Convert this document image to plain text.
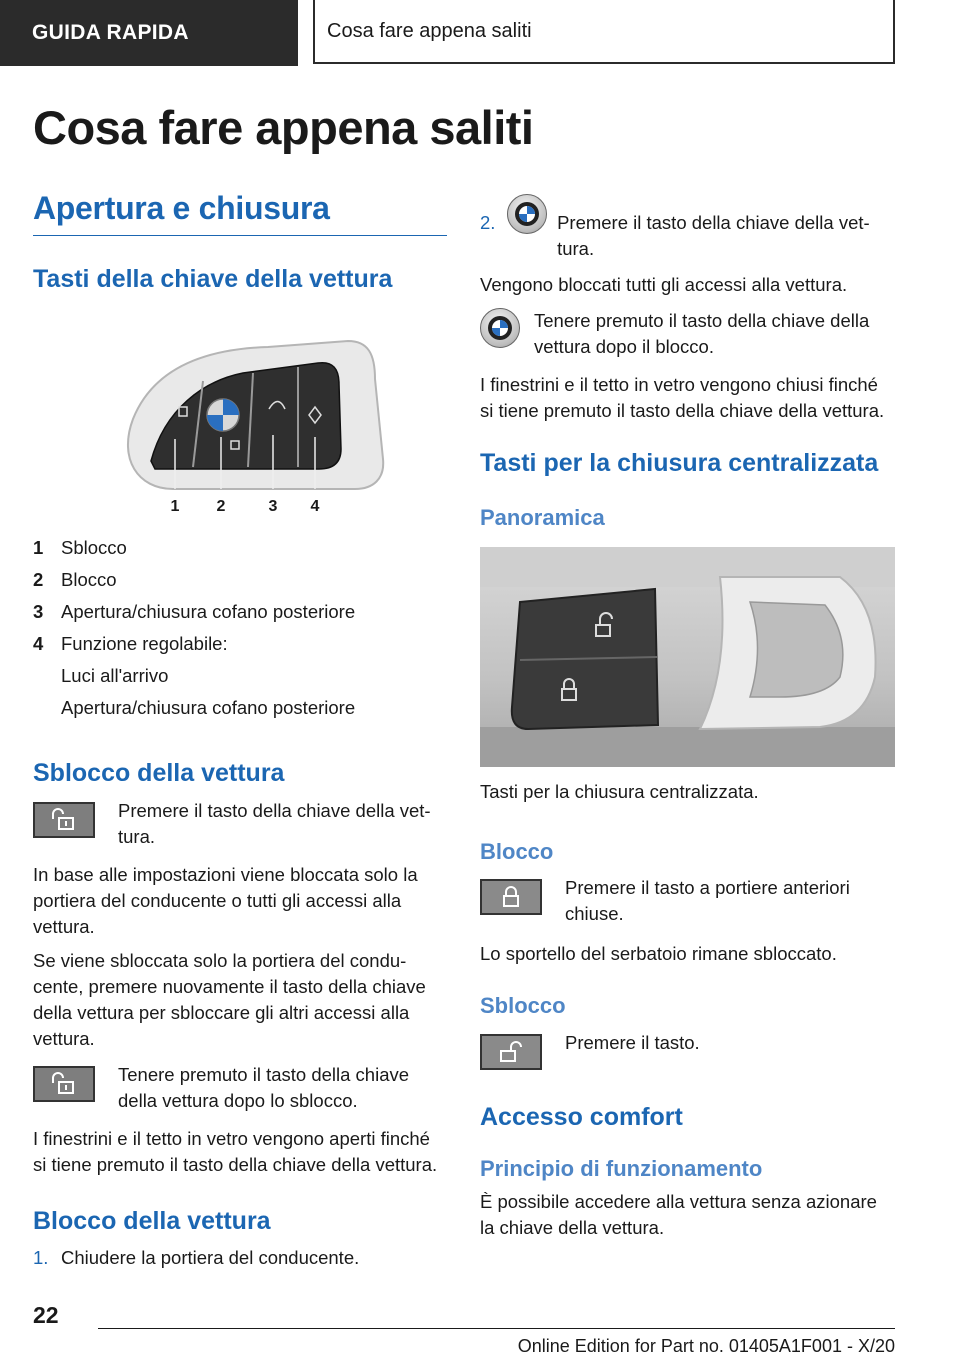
GUIDA RAPIDA	Cosa fare appena saliti
Cosa fare appena saliti
Apertura e chiusura
Tasti della chiave della vettura
1 2	3 4
1 Sblocco
2 Blocco
3 Apertura/chiusura cofano posteriore
4 Funzione regolabile:
Luci all'arrivo
Apertura/chiusura cofano posteriore
Sblocco della vettura

Premere il tasto della chiave della vet-tura.

In base alle impostazioni viene bloccata solo la portiera del conducente o tutti gli accessi alla vettura.

Se viene sbloccata solo la portiera del condu-cente, premere nuovamente il tasto della chiave della vettura per sbloccare gli altri accessi alla vettura.

Tenere premuto il tasto della chiave della vettura dopo lo sblocco.

I finestrini e il tetto in vetro vengono aperti finché si tiene premuto il tasto della chiave della vettura.

Blocco della vettura
1. Chiudere la portiera del conducente.

2.	Premere il tasto della chiave della vet-tura.

Vengono bloccati tutti gli accessi alla vettura.

Tenere premuto il tasto della chiave della vettura dopo il blocco.

I finestrini e il tetto in vetro vengono chiusi finché si tiene premuto il tasto della chiave della vettura.

Tasti per la chiusura centralizzata
Panoramica

Tasti per la chiusura centralizzata.

Blocco

Premere il tasto a portiere anteriori chiuse.

Lo sportello del serbatoio rimane sbloccato.

Sblocco

Premere il tasto.

Accesso comfort
Principio di funzionamento

È possibile accedere alla vettura senza azionare la chiave della vettura.

22
Online Edition for Part no. 01405A1F001 - X/20
